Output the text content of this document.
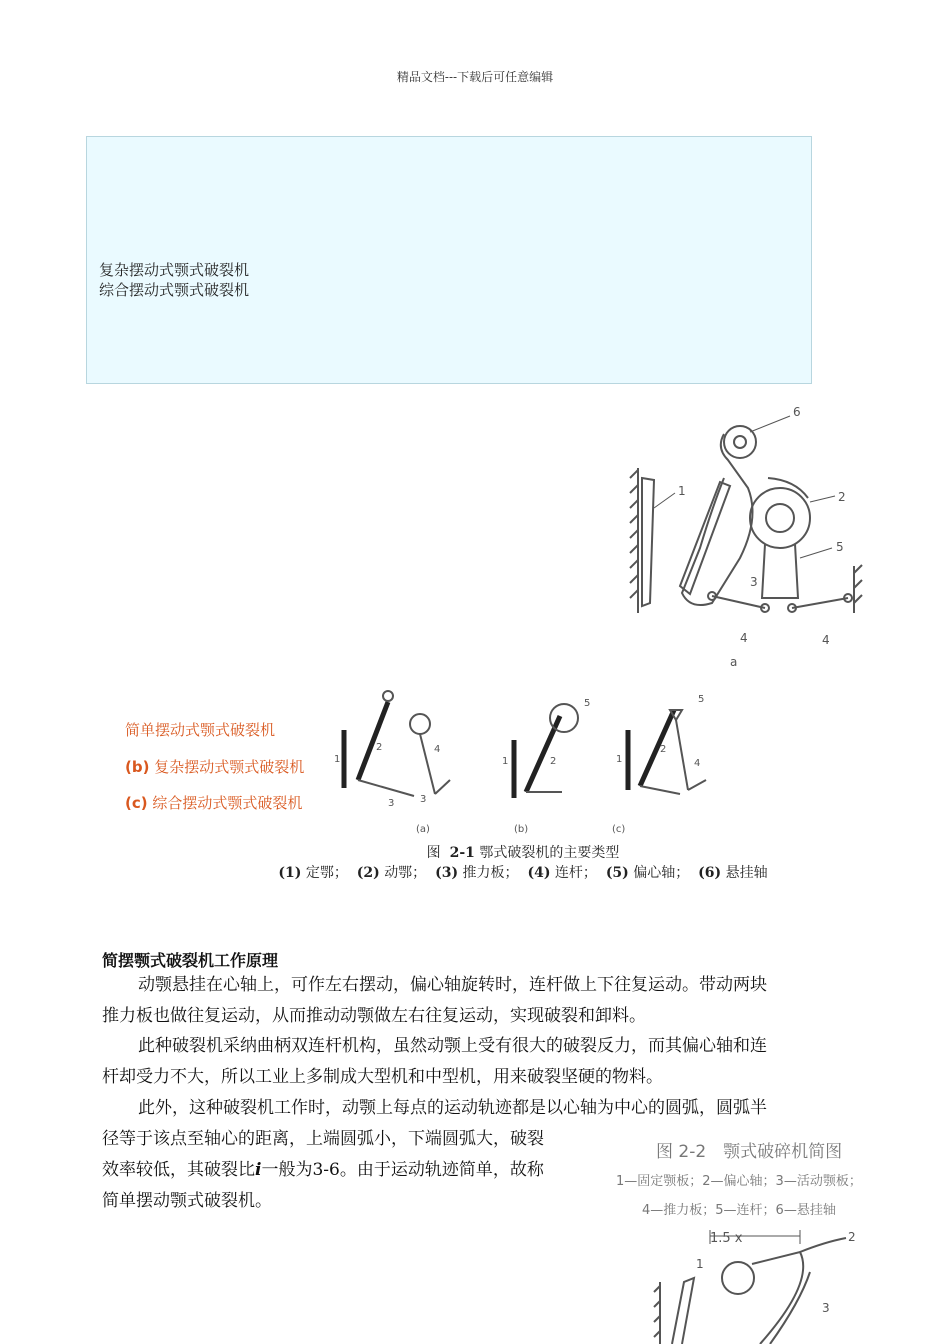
精品文档---下载后可任意编辑
复杂摆动式颚式破裂机
综合摆动式颚式破裂机
6
1	2
5
3
4	4
a
简单摆动式颚式破裂机
(b) 复杂摆动式颚式破裂机
(c) 综合摆动式颚式破裂机
2	4
1
3	3
1	2
5
1
2
4
5
(a)	(b)	(c)
图 2-1 鄂式破裂机的主要类型
(1) 定鄂； (2) 动鄂； (3) 推力板； (4) 连杆； (5) 偏心轴； (6) 悬挂轴
简摆颚式破裂机工作原理
动颚悬挂在心轴上，可作左右摆动，偏心轴旋转时，连杆做上下往复运动。带动两块
推力板也做往复运动，从而推动动颚做左右往复运动，实现破裂和卸料。
此种破裂机采纳曲柄双连杆机构，虽然动颚上受有很大的破裂反力，而其偏心轴和连
杆却受力不大，所以工业上多制成大型机和中型机，用来破裂坚硬的物料。
此外，这种破裂机工作时，动颚上每点的运动轨迹都是以心轴为中心的圆弧，圆弧半
径等于该点至轴心的距离，上端圆弧小，下端圆弧大，破裂
效率较低，其破裂比i一般为3-6。由于运动轨迹简单，故称
简单摆动颚式破裂机。
图 2-2　颚式破碎机简图
1—固定颚板；2—偏心轴；3—活动颚板；
4—推力板；5—连杆；6—悬挂轴
1.5 x	2
1
3
